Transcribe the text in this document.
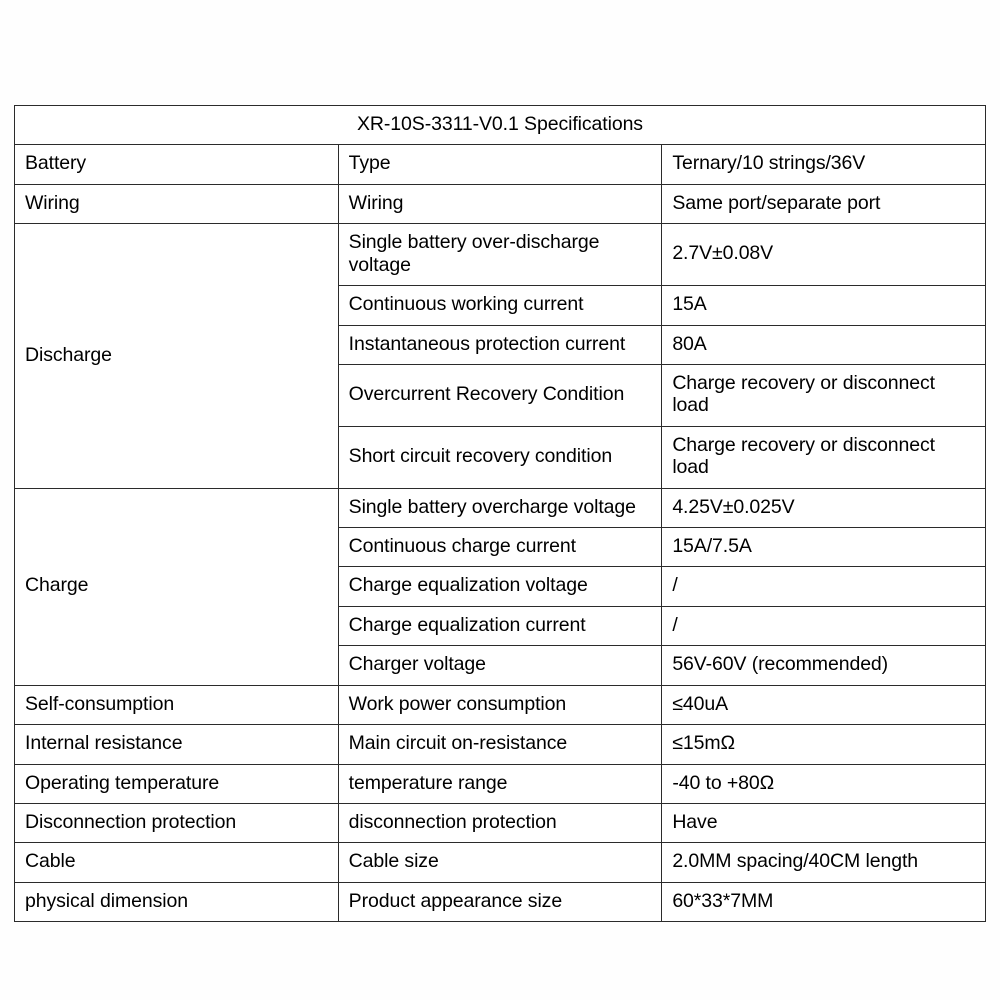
XR-10S-3311-V0.1 Specifications		
Battery	Type	Ternary/10 strings/36V
Wiring	Wiring	Same port/separate port
Discharge	Single battery over-discharge voltage	2.7V±0.08V
	Continuous working current	15A
	Instantaneous protection current	80A
	Overcurrent Recovery Condition	Charge recovery or disconnect load
	Short circuit recovery condition	Charge recovery or disconnect load
Charge	Single battery overcharge voltage	4.25V±0.025V
	Continuous charge current	15A/7.5A
	Charge equalization voltage	/
	Charge equalization current	/
	Charger voltage	56V-60V (recommended)
Self-consumption	Work power consumption	≤40uA
Internal resistance	Main circuit on-resistance	≤15mΩ
Operating temperature	temperature range	-40 to +80Ω
Disconnection protection	disconnection protection	Have
Cable	Cable size	2.0MM spacing/40CM length
physical dimension	Product appearance size	60*33*7MM
